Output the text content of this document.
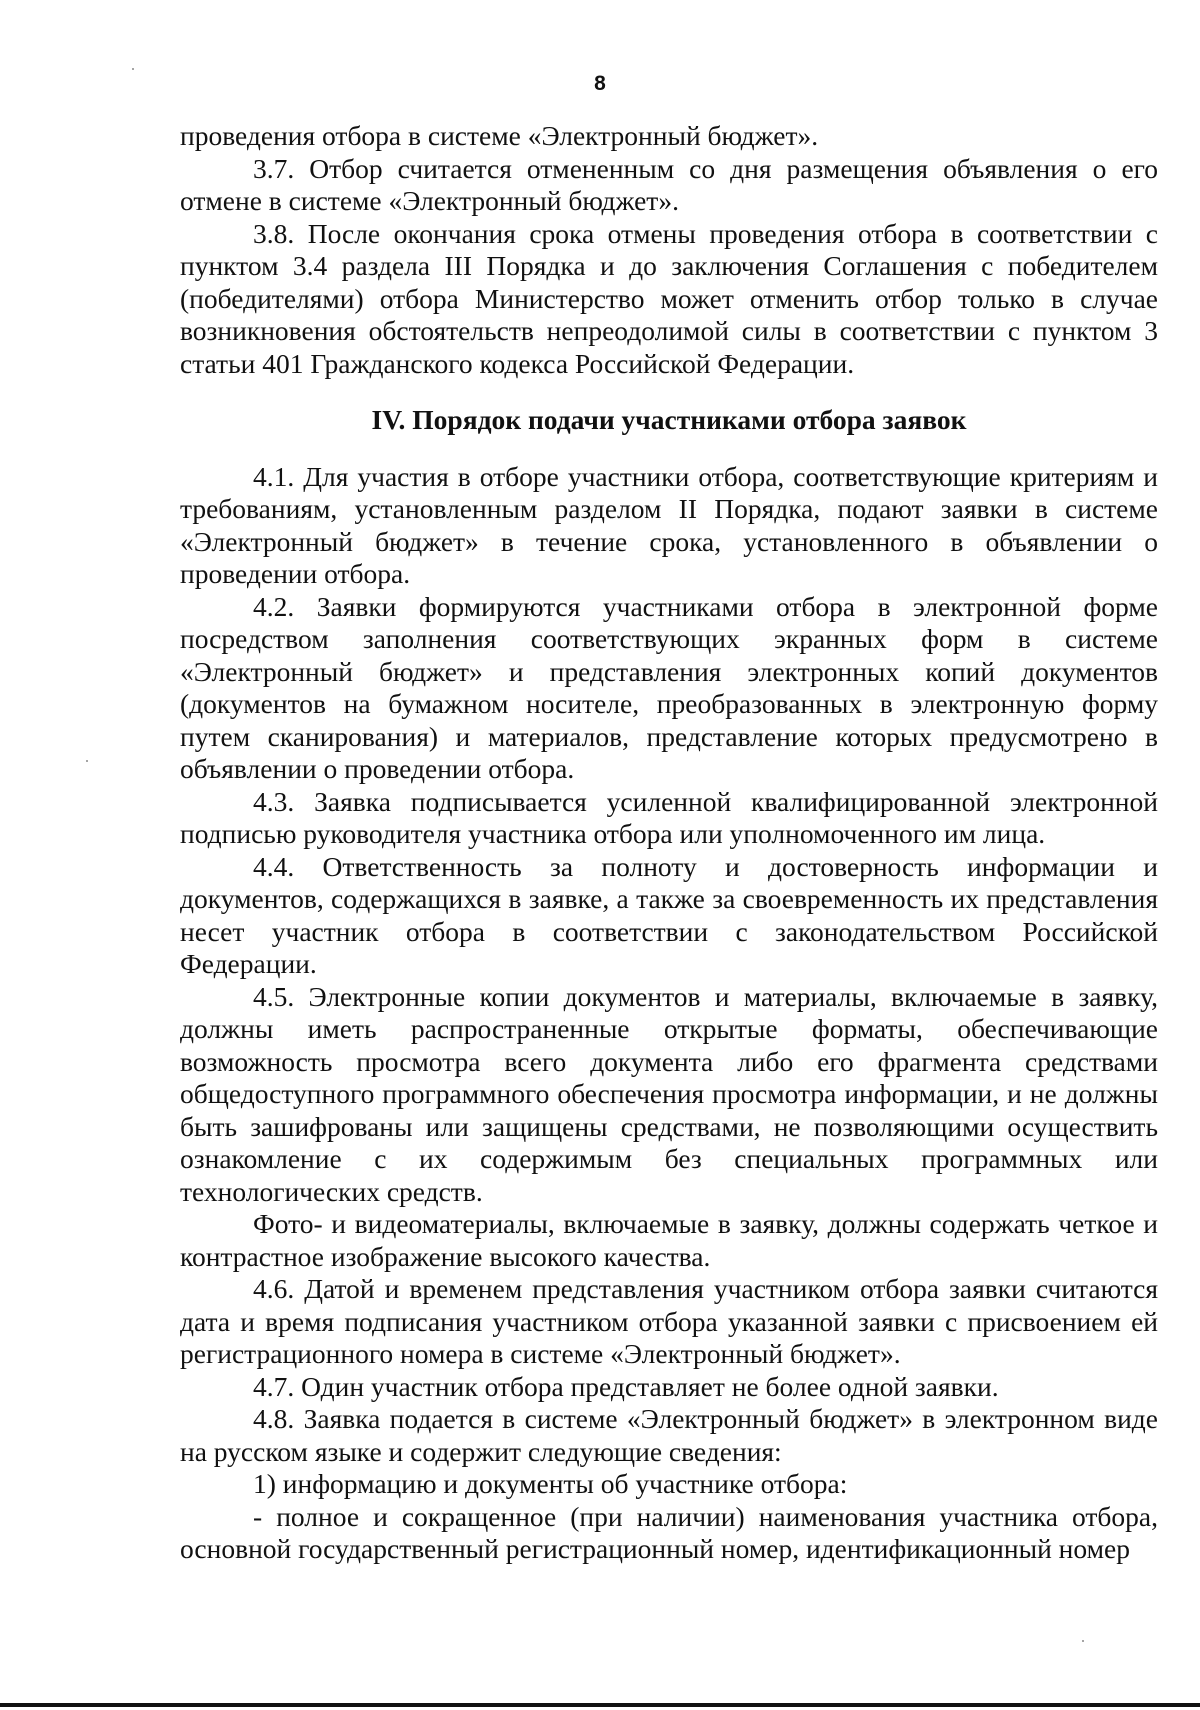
8

проведения отбора в системе «Электронный бюджет».

3.7. Отбор считается отмененным со дня размещения объявления о его отмене в системе «Электронный бюджет».

3.8. После окончания срока отмены проведения отбора в соответствии с пунктом 3.4 раздела III Порядка и до заключения Соглашения с победителем (победителями) отбора Министерство может отменить отбор только в случае возникновения обстоятельств непреодолимой силы в соответствии с пунктом 3 статьи 401 Гражданского кодекса Российской Федерации.

IV. Порядок подачи участниками отбора заявок

4.1. Для участия в отборе участники отбора, соответствующие критериям и требованиям, установленным разделом II Порядка, подают заявки в системе «Электронный бюджет» в течение срока, установленного в объявлении о проведении отбора.

4.2. Заявки формируются участниками отбора в электронной форме посредством заполнения соответствующих экранных форм в системе «Электронный бюджет» и представления электронных копий документов (документов на бумажном носителе, преобразованных в электронную форму путем сканирования) и материалов, представление которых предусмотрено в объявлении о проведении отбора.

4.3. Заявка подписывается усиленной квалифицированной электронной подписью руководителя участника отбора или уполномоченного им лица.

4.4. Ответственность за полноту и достоверность информации и документов, содержащихся в заявке, а также за своевременность их представления несет участник отбора в соответствии с законодательством Российской Федерации.

4.5. Электронные копии документов и материалы, включаемые в заявку, должны иметь распространенные открытые форматы, обеспечивающие возможность просмотра всего документа либо его фрагмента средствами общедоступного программного обеспечения просмотра информации, и не должны быть зашифрованы или защищены средствами, не позволяющими осуществить ознакомление с их содержимым без специальных программных или технологических средств.

Фото- и видеоматериалы, включаемые в заявку, должны содержать четкое и контрастное изображение высокого качества.

4.6. Датой и временем представления участником отбора заявки считаются дата и время подписания участником отбора указанной заявки с присвоением ей регистрационного номера в системе «Электронный бюджет».

4.7. Один участник отбора представляет не более одной заявки.

4.8. Заявка подается в системе «Электронный бюджет» в электронном виде на русском языке и содержит следующие сведения:

1) информацию и документы об участнике отбора:

- полное и сокращенное (при наличии) наименования участника отбора, основной государственный регистрационный номер, идентификационный номер
